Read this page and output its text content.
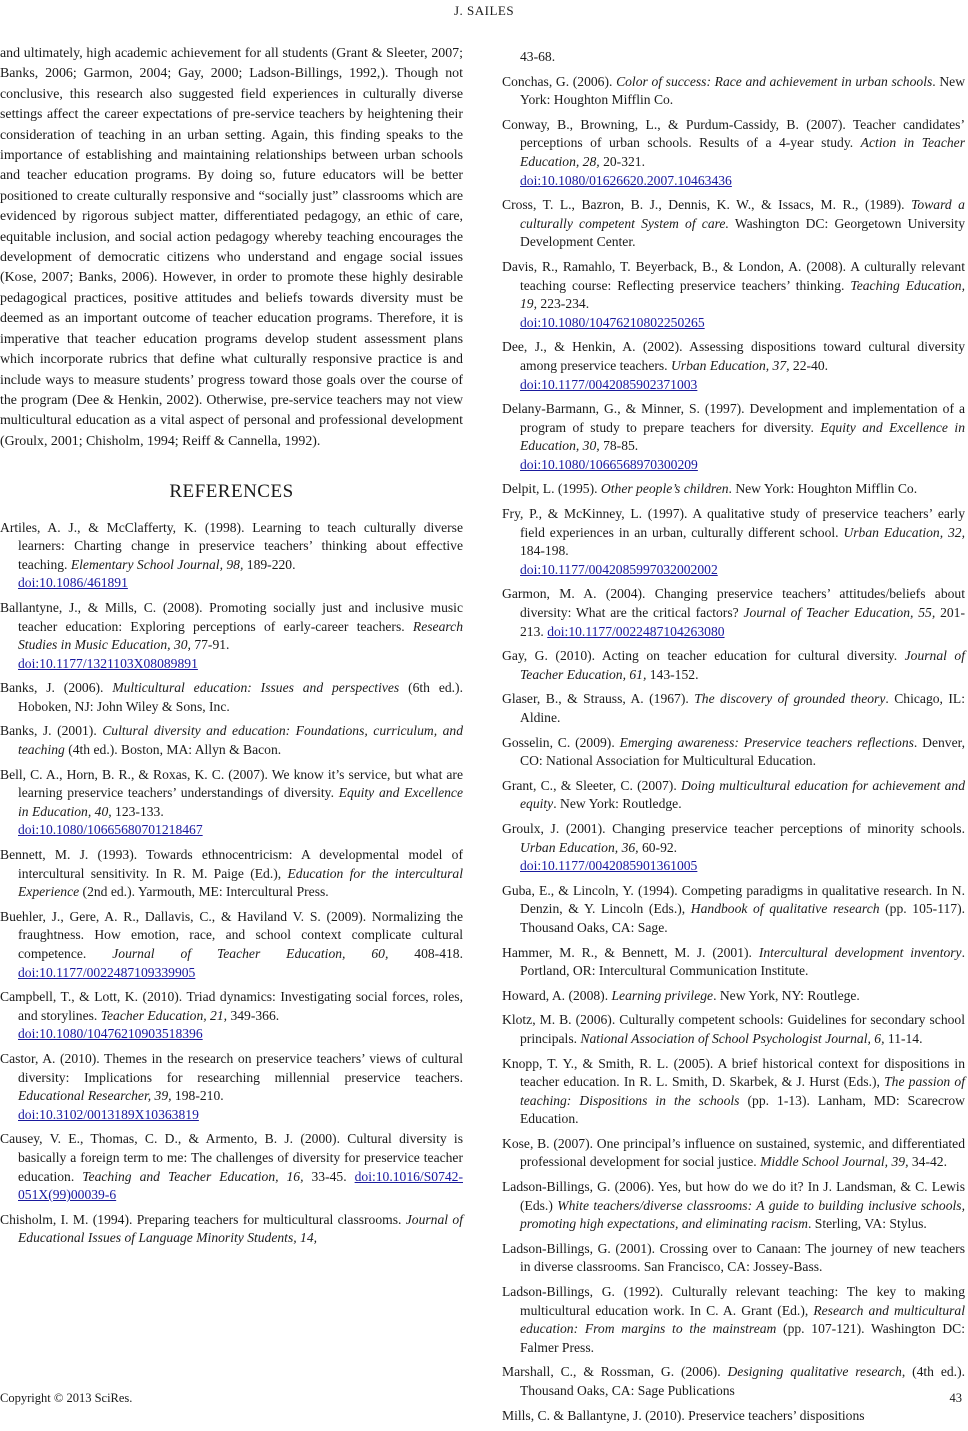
J. SAILES

and ultimately, high academic achievement for all students (Grant & Sleeter, 2007; Banks, 2006; Garmon, 2004; Gay, 2000; Ladson-Billings, 1992,). Though not conclusive, this research also suggested field experiences in culturally diverse settings affect the career expectations of pre-service teachers by heightening their consideration of teaching in an urban setting. Again, this finding speaks to the importance of establishing and maintaining relationships between urban schools and teacher education programs. By doing so, future educators will be better positioned to create culturally responsive and “socially just” classrooms which are evidenced by rigorous subject matter, differentiated pedagogy, an ethic of care, equitable inclusion, and social action pedagogy whereby teaching encourages the development of democratic citizens who understand and engage social issues (Kose, 2007; Banks, 2006). However, in order to promote these highly desirable pedagogical practices, positive attitudes and beliefs towards diversity must be deemed as an important outcome of teacher education programs. Therefore, it is imperative that teacher education programs develop student assessment plans which incorporate rubrics that define what culturally responsive practice is and include ways to measure students’ progress toward those goals over the course of the program (Dee & Henkin, 2002). Otherwise, pre-service teachers may not view multicultural education as a vital aspect of personal and professional development (Groulx, 2001; Chisholm, 1994; Reiff & Cannella, 1992).

REFERENCES

Artiles, A. J., & McClafferty, K. (1998). Learning to teach culturally diverse learners: Charting change in preservice teachers’ thinking about effective teaching. Elementary School Journal, 98, 189-220.
doi:10.1086/461891

Ballantyne, J., & Mills, C. (2008). Promoting socially just and inclusive music teacher education: Exploring perceptions of early-career teachers. Research Studies in Music Education, 30, 77-91.
doi:10.1177/1321103X08089891

Banks, J. (2006). Multicultural education: Issues and perspectives (6th ed.). Hoboken, NJ: John Wiley & Sons, Inc.

Banks, J. (2001). Cultural diversity and education: Foundations, curriculum, and teaching (4th ed.). Boston, MA: Allyn & Bacon.

Bell, C. A., Horn, B. R., & Roxas, K. C. (2007). We know it’s service, but what are learning preservice teachers’ understandings of diversity. Equity and Excellence in Education, 40, 123-133.
doi:10.1080/10665680701218467

Bennett, M. J. (1993). Towards ethnocentricism: A developmental model of intercultural sensitivity. In R. M. Paige (Ed.), Education for the intercultural Experience (2nd ed.). Yarmouth, ME: Intercultural Press.

Buehler, J., Gere, A. R., Dallavis, C., & Haviland V. S. (2009). Normalizing the fraughtness. How emotion, race, and school context complicate cultural competence. Journal of Teacher Education, 60, 408-418. doi:10.1177/0022487109339905

Campbell, T., & Lott, K. (2010). Triad dynamics: Investigating social forces, roles, and storylines. Teacher Education, 21, 349-366.
doi:10.1080/10476210903518396

Castor, A. (2010). Themes in the research on preservice teachers’ views of cultural diversity: Implications for researching millennial preservice teachers. Educational Researcher, 39, 198-210.
doi:10.3102/0013189X10363819

Causey, V. E., Thomas, C. D., & Armento, B. J. (2000). Cultural diversity is basically a foreign term to me: The challenges of diversity for preservice teacher education. Teaching and Teacher Education, 16, 33-45. doi:10.1016/S0742-051X(99)00039-6

Chisholm, I. M. (1994). Preparing teachers for multicultural classrooms. Journal of Educational Issues of Language Minority Students, 14,

43-68.

Conchas, G. (2006). Color of success: Race and achievement in urban schools. New York: Houghton Mifflin Co.

Conway, B., Browning, L., & Purdum-Cassidy, B. (2007). Teacher candidates’ perceptions of urban schools. Results of a 4-year study. Action in Teacher Education, 28, 20-321.
doi:10.1080/01626620.2007.10463436

Cross, T. L., Bazron, B. J., Dennis, K. W., & Issacs, M. R., (1989). Toward a culturally competent System of care. Washington DC: Georgetown University Development Center.

Davis, R., Ramahlo, T. Beyerback, B., & London, A. (2008). A culturally relevant teaching course: Reflecting preservice teachers’ thinking. Teaching Education, 19, 223-234.
doi:10.1080/10476210802250265

Dee, J., & Henkin, A. (2002). Assessing dispositions toward cultural diversity among preservice teachers. Urban Education, 37, 22-40.
doi:10.1177/0042085902371003

Delany-Barmann, G., & Minner, S. (1997). Development and implementation of a program of study to prepare teachers for diversity. Equity and Excellence in Education, 30, 78-85.
doi:10.1080/1066568970300209

Delpit, L. (1995). Other people’s children. New York: Houghton Mifflin Co.

Fry, P., & McKinney, L. (1997). A qualitative study of preservice teachers’ early field experiences in an urban, culturally different school. Urban Education, 32, 184-198.
doi:10.1177/0042085997032002002

Garmon, M. A. (2004). Changing preservice teachers’ attitudes/beliefs about diversity: What are the critical factors? Journal of Teacher Education, 55, 201-213. doi:10.1177/0022487104263080

Gay, G. (2010). Acting on teacher education for cultural diversity. Journal of Teacher Education, 61, 143-152.

Glaser, B., & Strauss, A. (1967). The discovery of grounded theory. Chicago, IL: Aldine.

Gosselin, C. (2009). Emerging awareness: Preservice teachers reflections. Denver, CO: National Association for Multicultural Education.

Grant, C., & Sleeter, C. (2007). Doing multicultural education for achievement and equity. New York: Routledge.

Groulx, J. (2001). Changing preservice teacher perceptions of minority schools. Urban Education, 36, 60-92.
doi:10.1177/0042085901361005

Guba, E., & Lincoln, Y. (1994). Competing paradigms in qualitative research. In N. Denzin, & Y. Lincoln (Eds.), Handbook of qualitative research (pp. 105-117). Thousand Oaks, CA: Sage.

Hammer, M. R., & Bennett, M. J. (2001). Intercultural development inventory. Portland, OR: Intercultural Communication Institute.

Howard, A. (2008). Learning privilege. New York, NY: Routlege.

Klotz, M. B. (2006). Culturally competent schools: Guidelines for secondary school principals. National Association of School Psychologist Journal, 6, 11-14.

Knopp, T. Y., & Smith, R. L. (2005). A brief historical context for dispositions in teacher education. In R. L. Smith, D. Skarbek, & J. Hurst (Eds.), The passion of teaching: Dispositions in the schools (pp. 1-13). Lanham, MD: Scarecrow Education.

Kose, B. (2007). One principal’s influence on sustained, systemic, and differentiated professional development for social justice. Middle School Journal, 39, 34-42.

Ladson-Billings, G. (2006). Yes, but how do we do it? In J. Landsman, & C. Lewis (Eds.) White teachers/diverse classrooms: A guide to building inclusive schools, promoting high expectations, and eliminating racism. Sterling, VA: Stylus.

Ladson-Billings, G. (2001). Crossing over to Canaan: The journey of new teachers in diverse classrooms. San Francisco, CA: Jossey-Bass.

Ladson-Billings, G. (1992). Culturally relevant teaching: The key to making multicultural education work. In C. A. Grant (Ed.), Research and multicultural education: From margins to the mainstream (pp. 107-121). Washington DC: Falmer Press.

Marshall, C., & Rossman, G. (2006). Designing qualitative research, (4th ed.). Thousand Oaks, CA: Sage Publications

Mills, C. & Ballantyne, J. (2010). Preservice teachers’ dispositions

Copyright © 2013 SciRes.	43
